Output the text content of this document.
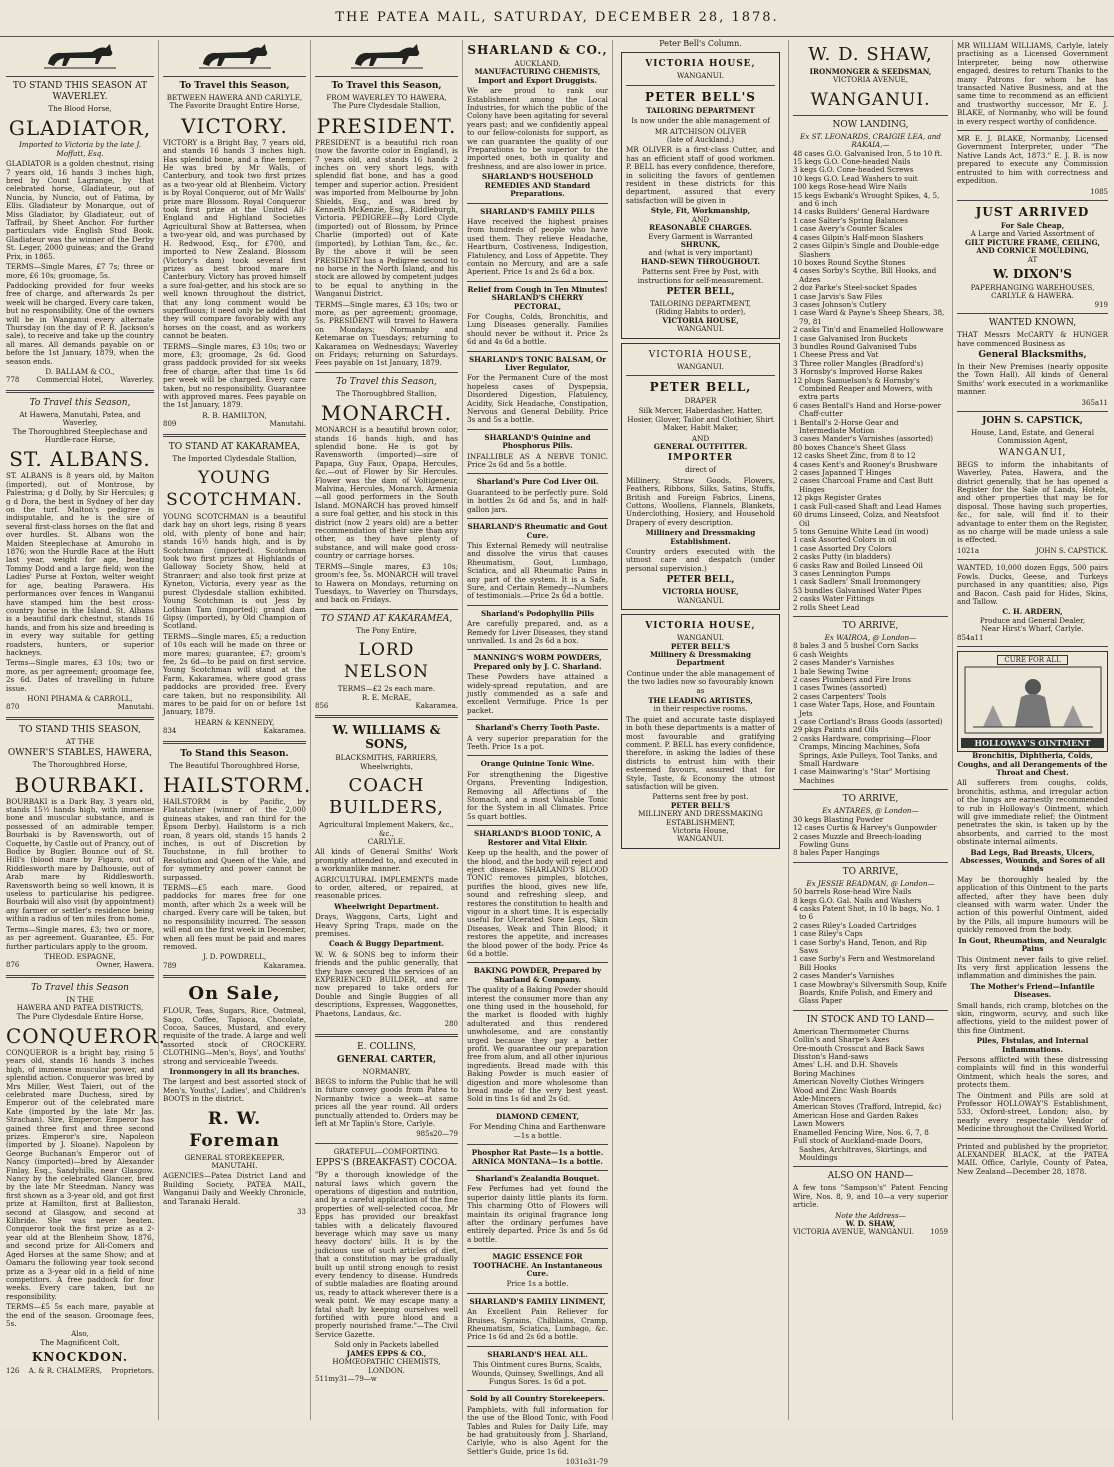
THE PATEA MAIL, SATURDAY, DECEMBER 28, 1878.
TO STAND THIS SEASON AT WAVERLEY.
The Blood Horse,
GLADIATOR,
Imported to Victoria by the late J. Moffatt, Esq.

GLADIATOR is a golden chestnut, rising 7 years old, 16 hands 3 inches high, bred by Count Lagrange, by that celebrated horse, Gladiateur, out of Nuncia, by Nuncio, out of Fatima, by Ellis. Gladiateur by Monarque, out of Miss Gladiator, by Gladiateur, out of Taffrail, by Sheet Anchor. For further particulars vide English Stud Book. Gladiateur was the winner of the Derby St. Leger, 2000 guineas; and the Grand Prix, in 1865.

TERMS—Single Mares, £7 7s; three or more, £6 10s; groomage, 5s.

Paddocking provided for four weeks free of charge, and afterwards 2s per week will be charged. Every care taken, but no responsibility. One of the owners will be in Wanganui every alternate Thursday (on the day of P. R. Jackson's sale), to receive and take up the country all mares. All demands payable on or before the 1st January, 1879, when the season ends.

D. BALLAM & CO.,
778 Commercial Hotel, Waverley.
To Travel this Season,
At Hawera, Manutahi, Patea, and Waverley,
The Thoroughbred Steeplechase and Hurdle-race Horse,
ST. ALBANS.

ST. ALBANS is 8 years old, by Malton (imported), out of Montrose, by Palestrina; g d Dolly, by Sir Hercules; g g d Dora, the best in Sydney of her day on the turf. Malton's pedigree is indisputable, and he is the sire of several first-class horses on the flat and over hurdles. St. Albans won the Maiden Steeplechase at Amuroho in 1876; won the Hurdle Race at the Hutt last year, weight for age, beating Tommy Dodd and a large field; won the Ladies' Purse at Foxton, welter weight for age, beating Parawera. His performances over fences in Wanganui have stamped him the best cross-country horse in the Island. St. Albans is a beautiful dark chestnut, stands 16 hands, and from his size and breeding is in every way suitable for getting roadsters, hunters, or superior hackneys.

Terms—Single mares, £3 10s; two or more, as per agreement; groomage fee, 2s 6d. Dates of travelling in future issue.

HONI PIHAMA & CARROLL,
870	Manutahi.
TO STAND THIS SEASON,
AT THE
OWNER'S STABLES, HAWERA,
The Thoroughbred Horse,
BOURBAKI.

BOURBAKI is a Dark Bay, 3 years old, stands 15½ hands high, with immense bone and muscular substance, and is possessed of an admirable temper. Bourbaki is by Ravensworth, out of Coquette, by Castle out of Prancy, out of Bodice by Bugler. Bounce out of St. Hill's (blood mare by Figaro, out of Riddlesworth mare by Dalhousie, out of Arab mare by Riddlesworth. Ravensworth being so well known, it is useless to particularise his pedigree. Bourbaki will also visit (by appointment) any farmer or settler's residence being within a radius of ten miles from home.

Terms—Single mares, £3; two or more, as per agreement. Guarantee, £5. For further particulars apply to the groom.

THEOD. ESPAGNE,
876	Owner, Hawera.
To Travel this Season
IN THE
HAWERA AND PATEA DISTRICTS,
The Pure Clydesdale Entire Horse,
CONQUEROR.

CONQUEROR is a bright bay, rising 5 years old, stands 16 hands 3 inches high, of immense muscular power, and splendid action. Conqueror was bred by Mrs Miller, West Taieri, out of the celebrated mare Duchess, sired by Emperor out of the celebrated mare Kate (imported by the late Mr Jas. Strachan). Sire, Emperor. Emperor has gained three first and three second prizes. Emperor's sire, Napoleon (imported by J. Sloane). Napoleon by George Buchanan's Emperor out of Nancy (imported)—bred by Alexander Finlay, Esq., Sandyhills, near Glasgow. Nancy by the celebrated Glancer, bred by the late Mr Steedman. Nancy was first shown as a 3-year old, and got first prize at Hamilton, first at Ballieston, second at Glasgow, and second at Kilbride. She was never beaten. Conqueror took the first prize as a 2-year old at the Blenheim Show, 1876, and second prize for All-Comers and Aged Horses at the same Show; and at Oamaru the following year took second prize as a 3-year old in a field of nine competitors. A free paddock for four weeks. Every care taken, but no responsibility.

TERMS—£5 5s each mare, payable at the end of the season. Groomage fees, 5s.

Also,
The Magnificent Colt,
KNOCKDON.
126 A. & R. CHALMERS, Proprietors.
To Travel this Season,
BETWEEN HAWERA AND CARLYLE,
The Favorite Draught Entire Horse,
VICTORY.

VICTORY is a Bright Bay, 7 years old, and stands 16 hands 3 inches high. Has splendid bone, and a fine temper. He was bred by Mr Walls, of Canterbury, and took two first prizes as a two-year old at Blenheim. Victory is by Royal Conqueror, out of Mr Walls' prize mare Blossom. Royal Conqueror took first prize at the United All-England and Highland Societies Agricultural Show at Battersea, when a two-year old, and was purchased by H. Redwood, Esq., for £700, and imported to New Zealand. Blossom (Victory's dam) took several first prizes as best brood mare in Canterbury. Victory has proved himself a sure foal-getter, and his stock are so well known throughout the district, that any long comment would be superfluous; it need only be added that they will compare favorably with any horses on the coast, and as workers cannot be beaten.

TERMS—Single mares, £3 10s; two or more, £3; groomage, 2s 6d. Good grass paddock provided for six weeks free of charge, after that time 1s 6d per week will be charged. Every care taken, but no responsibility. Guarantee with approved mares. Fees payable on the 1st January, 1879.

R. B. HAMILTON,
809	Manutahi.
TO STAND AT KAKARAMEA,
The Imported Clydesdale Stallion,
YOUNG SCOTCHMAN.

YOUNG SCOTCHMAN is a beautiful dark bay on short legs, rising 8 years old, with plenty of bone and hair; stands 16½ hands high, and is by Scotchman (imported). Scotchman took two first prizes at Highlands of Galloway Society Show, held at Stranraer; and also took first prize at Kyneton, Victoria, every year as the purest Clydesdale stallion exhibited. Young Scotchman is out Jess by Lothian Tam (imported); grand dam Gipsy (imported), by Old Champion of Scotland.

TERMS—Single mares, £5; a reduction of 10s each will be made on three or more mares; guarantee, £7; groom's fee, 2s 6d—to be paid on first service. Young Scotchman will stand at the Farm, Kakaramea, where good grass paddocks are provided free. Every care taken, but no responsibility. All mares to be paid for on or before 1st January, 1879.

HEARN & KENNEDY,
834	Kakaramea.
To Stand this Season.
The Beautiful Thoroughbred Horse,
HAILSTORM.

HAILSTORM is by Pacific, by Flatcatcher (winner of the 2,000 guineas stakes, and ran third for the Epsom Derby). Hailstorm is a rich roan, 8 years old, stands 15 hands 2 inches, is out of Discretion by Touchstone, in full brother to Resolution and Queen of the Vale, and for symmetry and power cannot be surpassed.

TERMS—£5 each mare. Good paddocks for mares free for one month, after which 2s a week will be charged. Every care will be taken, but no responsibility incurred. The season will end on the first week in December, when all fees must be paid and mares removed.

J. D. POWDRELL,
789	Kakaramea.
On Sale,

FLOUR, Teas, Sugars, Rice, Oatmeal, Sago, Coffee, Tapioca, Chocolate, Cocoa, Sauces, Mustard, and every requisite of the trade. A large and well assorted stock of CROCKERY. CLOTHING—Men's, Boys', and Youths' strong and serviceable Tweeds.

Ironmongery in all its branches.

The largest and best assorted stock of Men's, Youths', Ladies', and Children's BOOTS in the district.

R. W. Foreman
GENERAL STOREKEEPER,
MANUTAHI.

AGENCIES—Patea District Land and Building Society, PATEA MAIL, Wanganui Daily and Weekly Chronicle, and Taranaki Herald.

33
To Travel this Season,
FROM WAVERLEY TO HAWERA,
The Pure Clydesdale Stallion,
PRESIDENT.

PRESIDENT is a beautiful rich roan (now the favorite color in England), is 7 years old, and stands 16 hands 2 inches on very short legs, with splendid flat bone, and has a good temper and superior action. President was imported from Melbourne by John Shields, Esq., and was bred by Kenneth McKenzie, Esq., Riddleburgh, Victoria. PEDIGREE—By Lord Clyde (imported) out of Blossom, by Prince Charlie (imported) out of Kate (imported), by Lothian Tam, &c., &c. By the above it will be seen PRESIDENT has a Pedigree second to no horse in the North Island, and his stock are allowed by competent judges to be equal to anything in the Wanganui District.

TERMS—Single mares, £3 10s; two or more, as per agreement; groomage, 5s. PRESIDENT will travel to Hawera on Mondays; Normanby and Ketemarae on Tuesdays; returning to Kakaramea on Wednesdays; Waverley on Fridays; returning on Saturdays. Fees payable on 1st January, 1879.

To Travel this Season,
The Thoroughbred Stallion,
MONARCH.

MONARCH is a beautiful brown color, stands 16 hands high, and has splendid bone. He is got by Ravensworth (imported)—sire of Papapa, Guy Faux, Opapa, Hercules, &c.—out of Flower by Sir Hercules. Flower was the dam of Voltigeneur, Malvina, Hercules, Monarch, Armenia—all good performers in the South Island. MONARCH has proved himself a sure foal getter, and his stock in this district (now 2 years old) are a better recommendation of their sire than any other, as they have plenty of substance, and will make good cross-country or carriage horses.

TERMS—Single mares, £3 10s; groom's fee, 5s. MONARCH will travel to Hawera on Mondays, returning on Tuesdays, to Waverley on Thursdays, and back on Fridays.

TO STAND AT KAKARAMEA,
The Pony Entire,
LORD NELSON
TERMS—£2 2s each mare.
R. E. McRAE,
856	Kakaramea.
W. WILLIAMS & SONS,
BLACKSMITHS, FARRIERS, Wheelwrights,
COACH BUILDERS,
Agricultural Implement Makers, &c., &c.,
CARLYLE.

All kinds of General Smiths' Work promptly attended to, and executed in a workmanlike manner.

AGRICULTURAL IMPLEMENTS made to order, altered, or repaired, at reasonable prices.

Wheelwright Department.

Drays, Waggons, Carts, Light and Heavy Spring Traps, made on the premises.

Coach & Buggy Department.

W. W. & SONS beg to inform their friends and the public generally, that they have secured the services of an EXPERIENCED BUILDER, and are now prepared to take orders for Double and Single Buggies of all descriptions, Expresses, Waggonettes, Phaetons, Landaus, &c.

280
E. COLLINS,
GENERAL CARTER,
NORMANBY,

BEGS to inform the Public that he will in future convey goods from Patea to Normanby twice a week—at same prices all the year round. All orders punctually attended to. Orders may be left at Mr Taplin's Store, Carlyle.

985s20—79
GRATEFUL—COMFORTING.
EPPS'S (BREAKFAST) COCOA.

"By a thorough knowledge of the natural laws which govern the operations of digestion and nutrition, and by a careful application of the fine properties of well-selected cocoa, Mr Epps has provided our breakfast tables with a delicately flavoured beverage which may save us many heavy doctors' bills. It is by the judicious use of such articles of diet, that a constitution may be gradually built up until strong enough to resist every tendency to disease. Hundreds of subtle maladies are floating around us, ready to attack wherever there is a weak point. We may escape many a fatal shaft by keeping ourselves well fortified with pure blood and a properly nourished frame."—The Civil Service Gazette.

Sold only in Packets labelled
JAMES EPPS & CO.,
HOMŒOPATHIC CHEMISTS, LONDON.
511my31—79—w
SHARLAND & CO.,
AUCKLAND,
MANUFACTURING CHEMISTS, Import and Export Druggists.

We are proud to rank our Establishment among the Local Industries, for which the public of the Colony have been agitating for several years past; and we confidently appeal to our fellow-colonists for support, as we can guarantee the quality of our Preparations to be superior to the imported ones, both in quality and freshness, and are also lower in price.

SHARLAND'S HOUSEHOLD REMEDIES AND Standard Preparations.
SHARLAND'S FAMILY PILLS

Have received the highest praises from hundreds of people who have used them. They relieve Headache, Heartburn, Costiveness, Indigestion, Flatulency, and Loss of Appetite. They contain no Mercury, and are a safe Aperient. Price 1s and 2s 6d a box.

Relief from Cough in Ten Minutes! SHARLAND'S CHERRY PECTORAL,

For Coughs, Colds, Bronchitis, and Lung Diseases generally. Families should never be without it. Price 2s 6d and 4s 6d a bottle.

SHARLAND'S TONIC BALSAM, Or Liver Regulator,

For the Permanent Cure of the most hopeless cases of Dyspepsia, Disordered Digestion, Flatulency, Acidity, Sick Headache, Constipation, Nervous and General Debility. Price 3s and 5s a bottle.

SHARLAND'S Quinine and Phosphorus Pills.

INFALLIBLE AS A NERVE TONIC. Price 2s 6d and 5s a bottle.

Sharland's Pure Cod Liver Oil.

Guaranteed to be perfectly pure. Sold in bottles 2s 6d and 5s, and in half-gallon jars.

SHARLAND'S Rheumatic and Gout Cure.

This External Remedy will neutralise and dissolve the virus that causes Rheumatism, Gout, Lumbago, Sciatica, and all Rheumatic Pains in any part of the system. It is a Safe, Sure, and Certain Remedy—Numbers of testimonials.—Price 2s 6d a bottle.

Sharland's Podophyllin Pills

Are carefully prepared, and, as a Remedy for Liver Diseases, they stand unrivalled. 1s and 2s 6d a box.

MANNING'S WORM POWDERS, Prepared only by J. C. Sharland.

These Powders have attained a widely-spread reputation, and are justly commended as a safe and excellent Vermifuge. Price 1s per packet.

Sharland's Cherry Tooth Paste.

A very superior preparation for the Teeth. Price 1s a pot.

Orange Quinine Tonic Wine.

For strengthening the Digestive Organs, Preventing Indigestion, Removing all Affections of the Stomach, and a most Valuable Tonic for the System in all Climates. Price 5s quart bottles.

SHARLAND'S BLOOD TONIC, A Restorer and Vital Elixir.

Keep up the health, and the power of the blood, and the body will reject and eject disease. SHARLAND'S BLOOD TONIC removes pimples, blotches, purifies the blood, gives new life, sound and refreshing sleep, and restores the constitution to health and vigour in a short time. It is especially useful for Ulcerated Sore Legs, Skin Diseases, Weak and Thin Blood; it restores the appetite, and increases the blood power of the body. Price 4s 6d a bottle.

BAKING POWDER, Prepared by Sharland & Company.

The quality of a Baking Powder should interest the consumer more than any one thing used in the household, for the market is flooded with highly adulterated and thus rendered unwholesome, and are constantly urged because they pay a better profit. We guarantee our preparation free from alum, and all other injurious ingredients. Bread made with this Baking Powder is much easier of digestion and more wholesome than bread made of the very best yeast. Sold in tins 1s 6d and 2s 6d.

DIAMOND CEMENT,

For Mending China and Earthenware—1s a bottle.

Phosphor Rat Paste—1s a bottle. ARNICA MONTANA—1s a bottle.
Sharland's Zealandia Bouquet.

Few Perfumes had yet found the superior dainty little plants its form. This charming Otto of Flowers will maintain its original fragrance long after the ordinary perfumes have entirely departed. Price 3s and 5s 6d a bottle.

MAGIC ESSENCE FOR TOOTHACHE. An Instantaneous Cure.

Price 1s a bottle.

SHARLAND'S FAMILY LINIMENT,

An Excellent Pain Reliever for Bruises, Sprains, Chilblains, Cramp, Rheumatism, Sciatica, Lumbago, &c. Price 1s 6d and 2s 6d a bottle.

SHARLAND'S HEAL ALL.

This Ointment cures Burns, Scalds, Wounds, Quinsey, Swellings, And all Fungus Sores. 1s 6d a pot.

Sold by all Country Storekeepers.

Pamphlets, with full information for the use of the Blood Tonic, with Food Tables and Rules for Daily Life, may be had gratuitously from J. Sharland, Carlyle, who is also Agent for the Settler's Guide, price 1s 6d.

1031o31-79
Peter Bell's Column.
VICTORIA HOUSE,
WANGANUI.
PETER BELL'S
TAILORING DEPARTMENT

Is now under the able management of

MR AITCHISON OLIVER
(late of Auckland.)

MR OLIVER is a first-class Cutter, and has an efficient staff of good workmen. P. BELL has every confidence, therefore, in soliciting the favors of gentlemen resident in these districts for this department, assured that every satisfaction will be given in

Style, Fit, Workmanship,
AND
REASONABLE CHARGES.
Every Garment is Warranted
SHRUNK,
and (what is very important)
HAND-SEWN THROUGHOUT.

Patterns sent Free by Post, with instructions for self-measurement.

PETER BELL,
TAILORING DEPARTMENT,
(Riding Habits to order),
VICTORIA HOUSE,
WANGANUI.
VICTORIA HOUSE,
WANGANUI.
PETER BELL,
DRAPER

Silk Mercer, Haberdasher, Hatter, Hosier, Glover, Tailor and Clothier, Shirt Maker, Habit Maker,

AND
GENERAL OUTFITTER.
IMPORTER
direct of

Millinery, Straw Goods, Flowers, Feathers, Ribbons, Silks, Satins, Stuffs, British and Foreign Fabrics, Linens, Cottons, Woollens, Flannels, Blankets, Underclothing, Hosiery, and Household Drapery of every description.

Millinery and Dressmaking Establishment.

Country orders executed with the utmost care and despatch (under personal supervision.)

PETER BELL,
VICTORIA HOUSE,
WANGANUI.
VICTORIA HOUSE,
WANGANUI.
PETER BELL'S
Millinery & Dressmaking Department

Continue under the able management of the two ladies now so favourably known as

THE LEADING ARTISTES,
in their respective rooms.

The quiet and accurate taste displayed in both these departments is a matter of most favourable and gratifying comment. P. BELL has every confidence, therefore, in asking the ladies of these districts to entrust him with their esteemed favours, assured that for Style, Taste, & Economy the utmost satisfaction will be given.

Patterns sent free by post.
PETER BELL'S
MILLINERY AND DRESSMAKING ESTABLISHMENT,
Victoria House,
WANGANUI.
W. D. SHAW,
IRONMONGER & SEEDSMAN,
VICTORIA AVENUE,
WANGANUI.
NOW LANDING,
Ex ST. LEONARDS, CRAIGIE LEA, and RAKAIA,—
48 cases G.O. Galvanised Iron, 5 to 10 ft.
15 kegs G.O. Cone-headed Nails
3 kegs G.O. Cone-headed Screws
10 kegs G.O. Lead Washers to suit
100 kegs Rose-head Wire Nails
15 kegs Ewbank's Wrought Spikes, 4, 5, and 6 inch
14 casks Builders' General Hardware
1 case Salter's Spring Balances
1 case Avery's Counter Scales
4 cases Gilpin's Half-moon Slashers
2 cases Gilpin's Single and Double-edge Slashers
10 boxes Round Scythe Stones
4 cases Sorby's Scythe, Bill Hooks, and Adzes
2 doz Parke's Steel-socket Spades
1 case Jarvis's Saw Files
3 cases Johnson's Cutlery
1 case Ward & Payne's Sheep Shears, 38, 79, 81
2 casks Tin'd and Enamelled Hollowware
1 case Galvanised Iron Buckets
3 bundles Round Galvanised Tubs
1 Cheese Press and Vat
3 Three roller Mangles (Bradford's)
3 Hornsby's Improved Horse Rakes
12 plugs Samuelson's & Hornsby's Combined Reaper and Mowers, with extra parts
6 cases Bentall's Hand and Horse-power Chaff-cutter
1 Bentall's 2-Horse Gear and Intermediate Motion
3 cases Mander's Varnishes (assorted)
80 boxes Chance's Sheet Glass
12 casks Sheet Zinc, from 8 to 12
4 cases Kent's and Rooney's Brushware
2 cases Japanned T Hinges
2 cases Charcoal Frame and Cast Butt Hinges
12 pkgs Register Grates
1 cask Full-cased Shaft and Lead Hames
60 drums Linseed, Colza, and Neatsfoot Oil
5 tons Genuine White Lead (in wood)
1 cask Assorted Colors in oil
1 case Assorted Dry Colors
2 casks Putty (in bladders)
6 casks Raw and Boiled Linseed Oil
3 cases Lennington Pumps
1 cask Sadlers' Small Ironmongery
53 bundles Galvanised Water Pipes
2 casks Water Fittings
2 rolls Sheet Lead
TO ARRIVE,
Ex WAIROA, @ London—
8 bales 3 and 5 bushel Corn Sacks
6 cash Weights
2 cases Mander's Varnishes
1 bale Sewing Twine
2 cases Plumbers and Fire Irons
1 cases Twines (assorted)
2 cases Carpenters' Tools
1 case Water Taps, Hose, and Fountain Jets
1 case Cortland's Brass Goods (assorted)
29 pkgs Paints and Oils
2 casks Hardware, comprising—Floor Cramps, Mincing Machines, Sofa Springs, Axle Pulleys, Tool Tanks, and Small Hardware
1 case Mainwaring's "Star" Mortising Machines
TO ARRIVE,
Ex ANTARES, @ London—
30 kegs Blasting Powder
12 cases Curtis & Harvey's Gunpowder
2 cases Muzzle and Breech-loading Fowling Guns
8 bales Paper Hangings
TO ARRIVE,
Ex JESSIE READMAN, @ London—
50 barrels Rose-head Wire Nails
8 kegs G.O. Gal. Nails and Washers
4 casks Patent Shot, in 10 lb bags, No. 1 to 6
2 cases Riley's Loaded Cartridges
1 case Riley's Caps
1 case Sorby's Hand, Tenon, and Rip Saws
1 case Sorby's Fern and Westmoreland Bill Hooks
2 cases Mander's Varnishes
1 case Mowbray's Silversmith Soup, Knife Boards, Knife Polish, and Emery and Glass Paper
IN STOCK AND TO LAND—
American Thermometer Churns
Collin's and Sharpe's Axes
Ore-mouth Crosscut and Back Saws
Disston's Hand-saws
Ames' L.H. and D.H. Shovels
Boring Machines
American Novelty Clothes Wringers
Wood and Zinc Wash Boards
Axle-Mincers
American Stoves (Trafford, Intrepid, &c)
American Hose and Garden Rakes
Lawn Mowers
Enamelled Fencing Wire, Nos. 6, 7, 8
Full stock of Auckland-made Doors, Sashes, Architraves, Skirtings, and Mouldings
ALSO ON HAND—

A few tons "Sampson's" Patent Fencing Wire, Nos. 8, 9, and 10—a very superior article.

Note the Address—
W. D. SHAW,
VICTORIA AVENUE, WANGANUI. 1059

MR WILLIAM WILLIAMS, Carlyle, lately practising as a Licensed Government Interpreter, being now otherwise engaged, desires to return Thanks to the many Patrons for whom he has transacted Native Business, and at the same time to recommend as an efficient and trustworthy successor, Mr E. J. BLAKE, of Normanby, who will be found in every respect worthy of confidence.

MR E. J. BLAKE, Normanby, Licensed Government Interpreter, under "The Native Lands Act, 1873." E. J. B. is now prepared to execute any Commission entrusted to him with correctness and expedition.

1085
JUST ARRIVED
For Sale Cheap,
A Large and Varied Assortment of
GILT PICTURE FRAME, CEILING, AND CORNICE MOULDING,
AT
W. DIXON'S
PAPERHANGING WAREHOUSES,
CARLYLE & HAWERA.
919
WANTED KNOWN,

THAT Messrs McCARTY & HUNGER have commenced Business as

General Blacksmiths,

In their New Premises (nearly opposite the Town Hall). All kinds of General Smiths' work executed in a workmanlike manner.

365a11
JOHN S. CAPSTICK,
House, Land, Estate, and General Commission Agent,
WANGANUI,

BEGS to inform the inhabitants of Waverley, Patea, Hawera, and the district generally, that he has opened a Register for the Sale of Lands, Hotels, and other properties that may be for disposal. Those having such properties, &c., for sale, will find it to their advantage to enter them on the Register, as no charge will be made unless a sale is effected.

1021a	JOHN S. CAPSTICK.

WANTED, 10,000 dozen Eggs, 500 pairs Fowls. Ducks, Geese, and Turkeys purchased in any quantities; also, Pigs and Bacon. Cash paid for Hides, Skins, and Tallow.

C. H. ARDERN,
Produce and General Dealer,
Near Hirst's Wharf, Carlyle.
854a11
CURE FOR ALL
HOLLOWAY'S OINTMENT
Bronchitis, Diphtheria, Colds, Coughs, and all Derangements of the Throat and Chest.

All sufferers from coughs, colds, bronchitis, asthma, and irregular action of the lungs are earnestly recommended to rub in Holloway's Ointment, which will give immediate relief; the Ointment penetrates the skin, is taken up by the absorbents, and carried to the most obstinate internal ailments.

Bad Legs, Bad Breasts, Ulcers, Abscesses, Wounds, and Sores of all kinds

May be thoroughly healed by the application of this Ointment to the parts affected, after they have been duly cleansed with warm water. Under the action of this powerful Ointment, aided by the Pills, all impure humours will be quickly removed from the body.

In Gout, Rheumatism, and Neuralgic Pains

This Ointment never fails to give relief. Its very first application lessens the inflammation and diminishes the pain.

The Mother's Friend—Infantile Diseases.

Small hands, rich cramp, blotches on the skin, ringworm, scurvy, and such like affections, yield to the mildest power of this fine Ointment.

Piles, Fistulas, and Internal Inflammations.

Persons afflicted with these distressing complaints will find in this wonderful Ointment, which heals the sores, and protects them.

The Ointment and Pills are sold at Professor HOLLOWAY'S Establishment, 533, Oxford-street, London; also, by nearly every respectable Vendor of Medicine throughout the Civilised World.

Printed and published by the proprietor, ALEXANDER BLACK, at the PATEA MAIL Office, Carlyle, County of Patea, New Zealand—December 28, 1878.
